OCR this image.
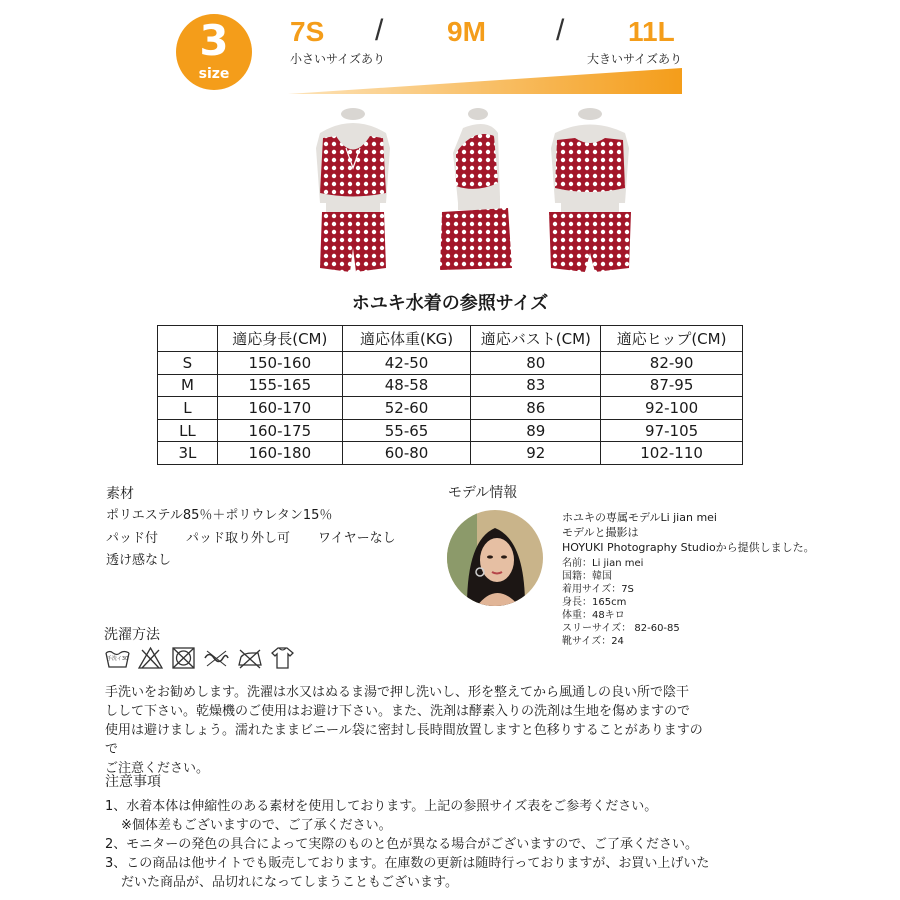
3
size
7S / 9M / 11L
小さいサイズあり	大きいサイズあり
ホユキ水着の参照サイズ
	適応身長(CM)	適応体重(KG)	適応バスト(CM)	適応ヒップ(CM)
S	150-160	42-50	80	82-90
M	155-165	48-58	83	87-95
L	160-170	52-60	86	92-100
LL	160-175	55-65	89	97-105
3L	160-180	60-80	92	102-110
素材
ポリエステル85％＋ポリウレタン15％
パッド付 パッド取り外し可 ワイヤーなし
透け感なし
モデル情報
ホユキの専属モデルLi jian mei
モデルと撮影は
HOYUKI Photography Studioから提供しました。
名前：Li jian mei
国籍：韓国
着用サイズ：7S
身長：165cm
体重：48キロ
スリーサイズ： 82-60-85
靴サイズ：24
洗濯方法
手洗イ30
手洗いをお勧めします。洗濯は水又はぬるま湯で押し洗いし、形を整えてから風通しの良い所で陰干
しして下さい。乾燥機のご使用はお避け下さい。また、洗剤は酵素入りの洗剤は生地を傷めますので
使用は避けましょう。濡れたままビニール袋に密封し長時間放置しますと色移りすることがありますので
ご注意ください。
注意事項
1、水着本体は伸縮性のある素材を使用しております。上記の参照サイズ表をご参考ください。
※個体差もございますので、ご了承ください。
2、モニターの発色の具合によって実際のものと色が異なる場合がございますので、ご了承ください。
3、この商品は他サイトでも販売しております。在庫数の更新は随時行っておりますが、お買い上げいた
だいた商品が、品切れになってしまうこともございます。
